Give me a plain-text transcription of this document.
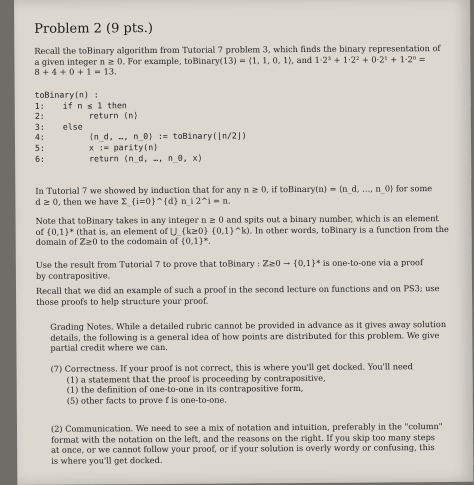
Problem 2 (9 pts.)
Recall the toBinary algorithm from Tutorial 7 problem 3, which finds the binary representation of
a given integer n ≥ 0. For example, toBinary(13) = ⟨1, 1, 0, 1⟩, and 1·2³ + 1·2² + 0·2¹ + 1·2⁰ =
8 + 4 + 0 + 1 = 13.
toBinary(n) :
1:	if n ≤ 1 then
2:	return ⟨n⟩
3:	else
4:	⟨n_d, …, n_0⟩ := toBinary(⌊n/2⌋)
5:	x := parity(n)
6:	return ⟨n_d, …, n_0, x⟩
In Tutorial 7 we showed by induction that for any n ≥ 0, if toBinary(n) = ⟨n_d, …, n_0⟩ for some
d ≥ 0, then we have Σ_{i=0}^{d} n_i 2^i = n.
Note that toBinary takes in any integer n ≥ 0 and spits out a binary number, which is an element
of {0,1}* (that is, an element of ⋃_{k≥0} {0,1}^k). In other words, toBinary is a function from the
domain of ℤ≥0 to the codomain of {0,1}*.
Use the result from Tutorial 7 to prove that toBinary : ℤ≥0 → {0,1}* is one-to-one via a proof
by contrapositive.
Recall that we did an example of such a proof in the second lecture on functions and on PS3; use
those proofs to help structure your proof.
Grading Notes. While a detailed rubric cannot be provided in advance as it gives away solution
details, the following is a general idea of how points are distributed for this problem. We give
partial credit where we can.
(7) Correctness. If your proof is not correct, this is where you'll get docked. You'll need
(1) a statement that the proof is proceeding by contrapositive,
(1) the definition of one-to-one in its contrapositive form,
(5) other facts to prove f is one-to-one.
(2) Communication. We need to see a mix of notation and intuition, preferably in the "column"
format with the notation on the left, and the reasons on the right. If you skip too many steps
at once, or we cannot follow your proof, or if your solution is overly wordy or confusing, this
is where you'll get docked.
